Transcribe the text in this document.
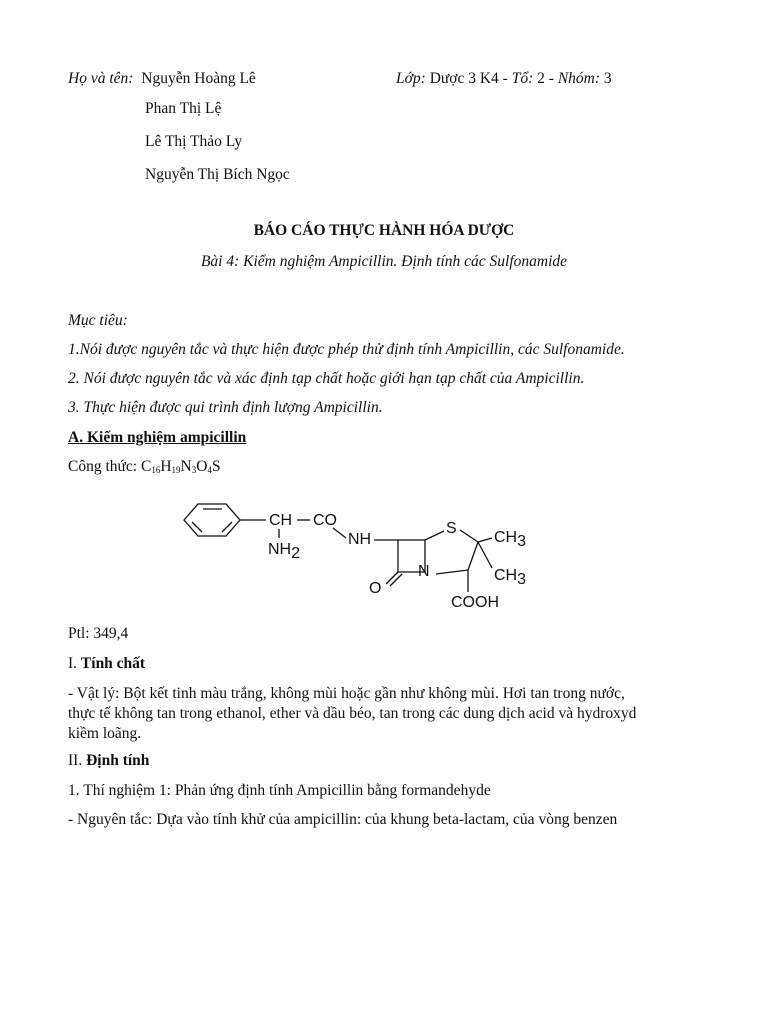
Họ và tên: Nguyễn Hoàng Lê	Lớp: Dược 3 K4 - Tổ: 2 - Nhóm: 3
Phan Thị Lệ
Lê Thị Thảo Ly
Nguyễn Thị Bích Ngọc
BÁO CÁO THỰC HÀNH HÓA DƯỢC
Bài 4: Kiểm nghiệm Ampicillin. Định tính các Sulfonamide
Mục tiêu:
1.Nói được nguyên tắc và thực hiện được phép thử định tính Ampicillin, các Sulfonamide.
2. Nói được nguyên tắc và xác định tạp chất hoặc giới hạn tạp chất của Ampicillin.
3. Thực hiện được qui trình định lượng Ampicillin.
A. Kiểm nghiệm ampicillin
Công thức: $C_{16}H_{19}N_3O_4S$
CH CO
NH2
NH
O
N
S
CH3
CH3
COOH
Ptl: 349,4
I. Tính chất
- Vật lý: Bột kết tinh màu trắng, không mùi hoặc gần như không mùi. Hơi tan trong nước,
thực tế không tan trong ethanol, ether và dầu béo, tan trong các dung dịch acid và hydroxyd
kiềm loãng.
II. Định tính
1. Thí nghiệm 1: Phản ứng định tính Ampicillin bằng formandehyde
- Nguyên tắc: Dựa vào tính khử của ampicillin: của khung beta-lactam, của vòng benzen
